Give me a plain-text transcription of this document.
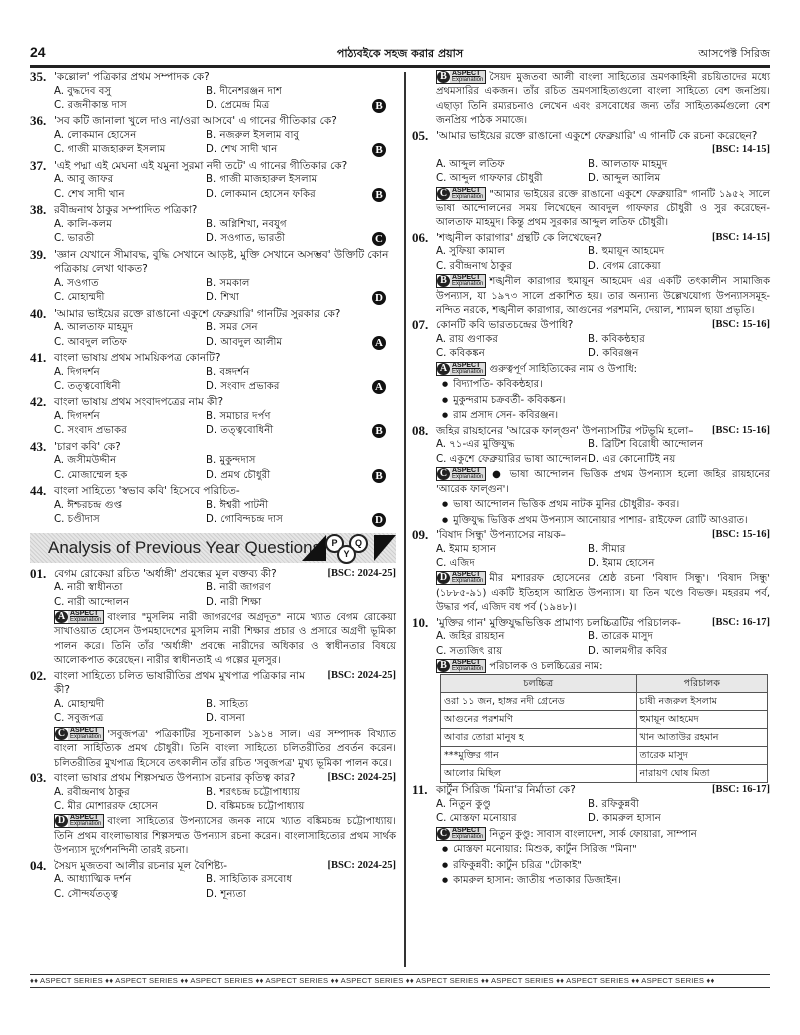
24	পাঠ্যবইকে সহজ করার প্রয়াস	আসপেক্ট সিরিজ
35. 'কল্লোল' পত্রিকার প্রথম সম্পাদক কে?
A. বুদ্ধদেব বসু	B. দীনেশরঞ্জন দাশ
C. রজনীকান্ত দাস	D. প্রেমেন্দ্র মিত্র	B
36. 'সব কটি জানালা খুলে দাও না/ওরা আসবে' এ গানের গীতিকার কে?
A. লোকমান হোসেন	B. নজরুল ইসলাম বাবু
C. গাজী মাজহারুল ইসলাম	D. শেখ সাদী খান	B
37. 'এই পদ্মা এই মেঘনা এই যমুনা সুরমা নদী তটে' এ গানের গীতিকার কে?
A. আবু জাফর	B. গাজী মাজহারুল ইসলাম
C. শেখ সাদী খান	D. লোকমান হোসেন ফকির	B
38. রবীন্দ্রনাথ ঠাকুর সম্পাদিত পত্রিকা?
A. কালি-কলম	B. অগ্নিশিখা, নবযুগ
C. ভারতী	D. সওগাত, ভারতী	C
39. 'জ্ঞান যেখানে সীমাবদ্ধ, বুদ্ধি সেখানে আড়ষ্ট, মুক্তি সেখানে অসম্ভব' উক্তিটি কোন পত্রিকায় লেখা থাকত?
A. সওগাত	B. সমকাল
C. মোহাম্মদী	D. শিখা	D
40. 'আমার ভাইয়ের রক্তে রাঙানো একুশে ফেব্রুয়ারি' গানটির সুরকার কে?
A. আলতাফ মাহমুদ	B. সমর সেন
C. আবদুল লতিফ	D. আবদুল আলীম	A
41. বাংলা ভাষায় প্রথম সাময়িকপত্র কোনটি?
A. দিগদর্শন	B. বঙ্গদর্শন
C. তত্ত্ববোধিনী	D. সংবাদ প্রভাকর	A
42. বাংলা ভাষায় প্রথম সংবাদপত্রের নাম কী?
A. দিগদর্শন	B. সমাচার দর্পণ
C. সংবাদ প্রভাকর	D. তত্ত্ববোধিনী	B
43. 'চারণ কবি' কে?
A. জসীমউদ্দীন	B. মুকুন্দদাস
C. মোজাম্মেল হক	D. প্রমথ চৌধুরী	B
44. বাংলা সাহিত্যে 'স্বভাব কবি' হিসেবে পরিচিত-
A. ঈশ্চরচন্দ্র গুপ্ত	B. ঈশ্বরী পাটনী
C. চণ্ডীদাস	D. গোবিন্দচন্দ্র দাস	D
Analysis of Previous Year Questions	P	Q
Y
01. বেগম রোকেয়া রচিত 'অর্ধাঙ্গী' প্রবন্ধের মূল বক্তব্য কী?	[BSC: 2024-25]
A. নারী স্বাধীনতা	B. নারী জাগরণ
C. নারী আন্দোলন	D. নারী শিক্ষা
A ASPECT
Explanation বাংলার "মুসলিম নারী জাগরণের অগ্রদূত" নামে খ্যাত বেগম রোকেয়া সাখাওয়াত হোসেন উপমহাদেশের মুসলিম নারী শিক্ষার প্রচার ও প্রসারে অগ্রণী ভূমিকা পালন করে। তিনি তাঁর 'অর্ধাঙ্গী' প্রবন্ধে নারীদের অধিকার ও স্বাধীনতার বিষয়ে আলোকপাত করেছেন। নারীর স্বাধীনতাই এ গল্পের মূলসুর।
02. বাংলা সাহিত্যে চলিত ভাষারীতির প্রথম মুখপাত্র পত্রিকার নাম কী?
[BSC: 2024-25]
A. মোহাম্মদী	B. সাহিত্য
C. সবুজপত্র	D. বাসনা
C ASPECT
Explanation 'সবুজপত্র' পত্রিকাটির সূচনাকাল ১৯১৪ সাল। এর সম্পাদক বিখ্যাত বাংলা সাহিত্যিক প্রমথ চৌধুরী। তিনি বাংলা সাহিত্যে চলিতরীতির প্রবর্তন করেন। চলিতরীতির মুখপাত্র হিসেবে তৎকালীন তাঁর রচিত 'সবুজপত্র' মুখ্য ভূমিকা পালন করে।
03. বাংলা ভাষার প্রথম শিল্পসম্মত উপন্যাস রচনার কৃতিত্ব কার?	[BSC: 2024-25]
A. রবীন্দ্রনাথ ঠাকুর	B. শরৎচন্দ্র চট্টোপাধ্যায়
C. মীর মোশাররফ হোসেন	D. বঙ্কিমচন্দ্র চট্টোপাধ্যায়
D ASPECT
Explanation বাংলা সাহিত্যের উপন্যাসের জনক নামে খ্যাত বঙ্কিমচন্দ্র চট্টোপাধ্যায়। তিনি প্রথম বাংলাভাষার শিল্পসম্মত উপন্যাস রচনা করেন। বাংলাসাহিত্যের প্রথম সার্থক উপন্যাস দুর্গেশনন্দিনী তারই রচনা।
04. সৈয়দ মুজতবা আলীর রচনার মূল বৈশিষ্ট্য-	[BSC: 2024-25]
A. আধ্যাত্মিক দর্শন	B. সাহিত্যিক রসবোধ
C. সৌন্দর্যতত্ত্ব	D. শূন্যতা
B ASPECT
Explanation সৈয়দ মুজতবা আলী বাংলা সাহিত্যের ভ্রমণকাহিনী রচয়িতাদের মধ্যে প্রথমসারির একজন। তাঁর রচিত ভ্রমণসাহিত্যগুলো বাংলা সাহিত্যে বেশ জনপ্রিয়। এছাড়া তিনি রম্যরচনাও লেখেন এবং রসবোধের জন্য তাঁর সাহিত্যকর্মগুলো বেশ জনপ্রিয় পাঠক সমাজে।
05. 'আমার ভাইয়ের রক্তে রাঙানো একুশে ফেব্রুয়ারি' এ গানটি কে রচনা করেছেন?
[BSC: 14-15]
A. আব্দুল লতিফ	B. আলতাফ মাহমুদ
C. আব্দুল গাফফার চৌধুরী	D. আব্দুল আলিম
C ASPECT
Explanation "আমার ভাইয়ের রক্তে রাঙানো একুশে ফেব্রুয়ারি" গানটি ১৯৫২ সালে ভাষা আন্দোলনের সময় লিখেছেন আবদুল গাফফার চৌধুরী ও সুর করেছেন- আলতাফ মাহমুদ। কিন্তু প্রথম সুরকার আব্দুল লতিফ চৌধুরী।
06. 'শঙ্খনীল কারাগার' গ্রন্থটি কে লিখেছেন?	[BSC: 14-15]
A. সুফিয়া কামাল	B. হুমায়ূন আহমেদ
C. রবীন্দ্রনাথ ঠাকুর	D. বেগম রোকেয়া
B ASPECT
Explanation শঙ্খনীল কারাগার হুমায়ূন আহমেদ এর একটি তৎকালীন সামাজিক উপন্যাস, যা ১৯৭৩ সালে প্রকাশিত হয়। তার অন্যান্য উল্লেখযোগ্য উপন্যাসসমূহ- নন্দিত নরকে, শঙ্খনীল কারাগার, আগুনের পরশমনি, দেয়াল, শ্যামল ছায়া প্রভৃতি।
07. কোনটি কবি ভারতচন্দ্রের উপাধি?	[BSC: 15-16]
A. রায় গুণাকর	B. কবিকন্ঠহার
C. কবিকঙ্কন	D. কবিরঞ্জন
A ASPECT
Explanation গুরুত্বপূর্ণ সাহিত্যিকের নাম ও উপাধি:
● বিদ্যাপতি- কবিকন্ঠহার।
● মুকুন্দরাম চক্রবর্তী- কবিকঙ্কন।
● রাম প্রসাদ সেন- কবিরঞ্জন।
08. জহির রায়হানের 'আরেক ফাল্গুন' উপন্যাসটির পটভূমি হলো–	[BSC: 15-16]
A. ৭১-এর মুক্তিযুদ্ধ	B. ব্রিটিশ বিরোধী আন্দোলন
C. একুশে ফেব্রুয়ারির ভাষা আন্দোলন D. এর কোনোটিই নয়
C ASPECT
Explanation ● ভাষা আন্দোলন ভিত্তিক প্রথম উপন্যাস হলো জহির রায়হানের 'আরেক ফাল্গুন'।
● ভাষা আন্দোলন ভিত্তিক প্রথম নাটক মুনির চৌধুরীর- কবর।
● মুক্তিযুদ্ধ ভিত্তিক প্রথম উপন্যাস আনোয়ার পাশার- রাইফেল রোটি আওরাত।
09. 'বিষাদ সিন্ধু' উপন্যাসের নায়ক–	[BSC: 15-16]
A. ইমাম হাসান	B. সীমার
C. এজিদ	D. ইমাম হোসেন
D ASPECT
Explanation মীর মশাররফ হোসেনের শ্রেষ্ঠ রচনা 'বিষাদ সিন্ধু'। 'বিষাদ সিন্ধু' (১৮৮৫-৯১) একটি ইতিহাস আশ্রিত উপন্যাস। যা তিন খণ্ডে বিভক্ত। মহররম পর্ব, উদ্ধার পর্ব, এজিদ বধ পর্ব (১৯৪৮)।
10. 'মুক্তির গান' মুক্তিযুদ্ধভিত্তিক প্রামাণ্য চলচ্চিত্রটির পরিচালক-	[BSC: 16-17]
A. জহির রায়হান	B. তারেক মাসুদ
C. সত্যজিৎ রায়	D. আলমগীর কবির
B ASPECT
Explanation পরিচালক ও চলচ্চিত্রের নাম:
চলচ্চিত্র	পরিচালক
ওরা ১১ জন, হাঙ্গর নদী গ্রেনেড	চাষী নজরুল ইসলাম
আগুনের পরশমণি	হুমায়ূন আহমেদ
আবার তোরা মানুষ হ	খান আতাউর রহমান
***মুক্তির গান	তারেক মাসুদ
আলোর মিছিল	নারায়ণ ঘোষ মিতা
11. কার্টুন সিরিজ 'মিনা'র নির্মাতা কে?	[BSC: 16-17]
A. নিতুন কুণ্ডু	B. রফিকুন্নবী
C. মোস্তফা মনোয়ার	D. কামরুল হাসান
C ASPECT
Explanation নিতুন কুণ্ডু: সাবাস বাংলাদেশ, সার্ক ফোয়ারা, সাম্পান
● মোস্তফা মনোয়ার: মিশুক, কার্টুন সিরিজ "মিনা"
● রফিকুন্নবী: কার্টুন চরিত্র "টোকাই"
● কামরুল হাসান: জাতীয় পতাকার ডিজাইন।
♦♦ ASPECT SERIES ♦♦ ASPECT SERIES ♦♦ ASPECT SERIES ♦♦ ASPECT SERIES ♦♦ ASPECT SERIES ♦♦ ASPECT SERIES ♦♦ ASPECT SERIES ♦♦ ASPECT SERIES ♦♦ ASPECT SERIES ♦♦
